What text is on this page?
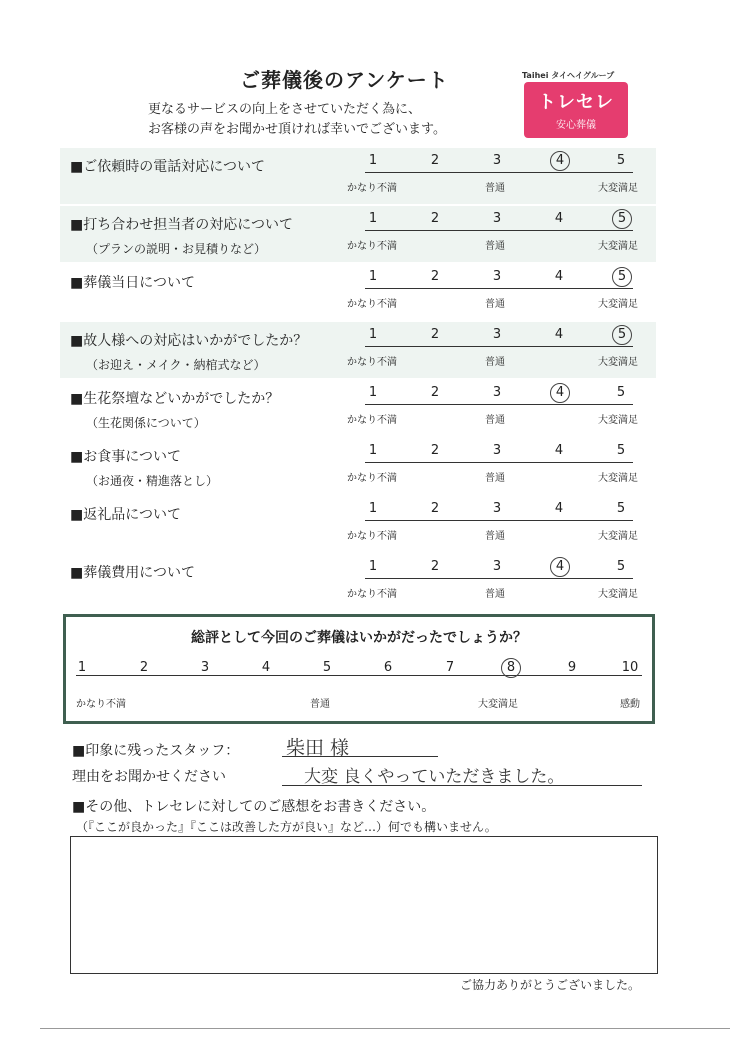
ご葬儀後のアンケート
更なるサービスの向上をさせていただく為に、
お客様の声をお聞かせ頂ければ幸いでございます。
Taihei タイヘイグループ
トレセレ
安心葬儀
■ご依頼時の電話対応について	1	2	3	4	5
かなり不満	普通	大変満足
■打ち合わせ担当者の対応について
（プランの説明・お見積りなど）
1	2	3	4	5
かなり不満	普通	大変満足
■葬儀当日について	1	2	3	4	5
かなり不満	普通	大変満足
■故人様への対応はいかがでしたか？
（お迎え・メイク・納棺式など）
1	2	3	4	5
かなり不満	普通	大変満足
■生花祭壇などいかがでしたか？
（生花関係について）
1	2	3	4	5
かなり不満	普通	大変満足
■お食事について
（お通夜・精進落とし）
1	2	3	4	5
かなり不満	普通	大変満足
■返礼品について	1	2	3	4	5
かなり不満	普通	大変満足
■葬儀費用について	1	2	3	4	5
かなり不満	普通	大変満足
総評として今回のご葬儀はいかがだったでしょうか？
1	2	3	4	5	6	7	8	9	10
かなり不満	普通	大変満足	感動
■印象に残ったスタッフ： 柴田 様
理由をお聞かせください	大変 良くやっていただきました。
■その他、トレセレに対してのご感想をお書きください。
（『ここが良かった』『ここは改善した方が良い』など…）何でも構いません。
ご協力ありがとうございました。
